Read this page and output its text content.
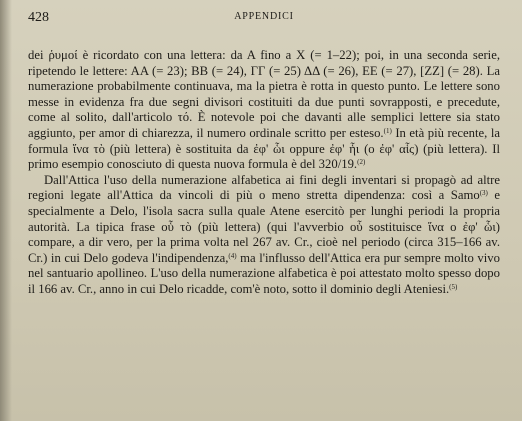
428	APPENDICI

dei ῥυμοί è ricordato con una lettera: da A fino a X (= 1–22); poi, in una seconda serie, ripetendo le lettere: AA (= 23); BB (= 24), ΓΓ (= 25) ΔΔ (= 26), EE (= 27), [ZZ] (= 28). La numerazione probabilmente continuava, ma la pietra è rotta in questo punto. Le lettere sono messe in evidenza fra due segni divisori costituiti da due punti sovrapposti, e precedute, come al solito, dall'articolo τό. È notevole poi che davanti alle semplici lettere sia stato aggiunto, per amor di chiarezza, il numero ordinale scritto per esteso.$^{(1)}$ In età più recente, la formula ἵνα τὸ (più lettera) è sostituita da ἐφ' ὧι oppure ἐφ' ἧι (o ἐφ' αἷς) (più lettera). Il primo esempio conosciuto di questa nuova formula è del 320/19.$^{(2)}$

Dall'Attica l'uso della numerazione alfabetica ai fini degli inventari si propagò ad altre regioni legate all'Attica da vincoli di più o meno stretta dipendenza: così a Samo$^{(3)}$ e specialmente a Delo, l'isola sacra sulla quale Atene esercitò per lunghi periodi la propria autorità. La tipica frase οὗ τὸ (più lettera) (qui l'avverbio οὗ sostituisce ἵνα o ἐφ' ὧι) compare, a dir vero, per la prima volta nel 267 av. Cr., cioè nel periodo (circa 315–166 av. Cr.) in cui Delo godeva l'indipendenza,$^{(4)}$ ma l'influsso dell'Attica era pur sempre molto vivo nel santuario apollineo. L'uso della numerazione alfabetica è poi attestato molto spesso dopo il 166 av. Cr., anno in cui Delo ricadde, com'è noto, sotto il dominio degli Ateniesi.$^{(5)}$
